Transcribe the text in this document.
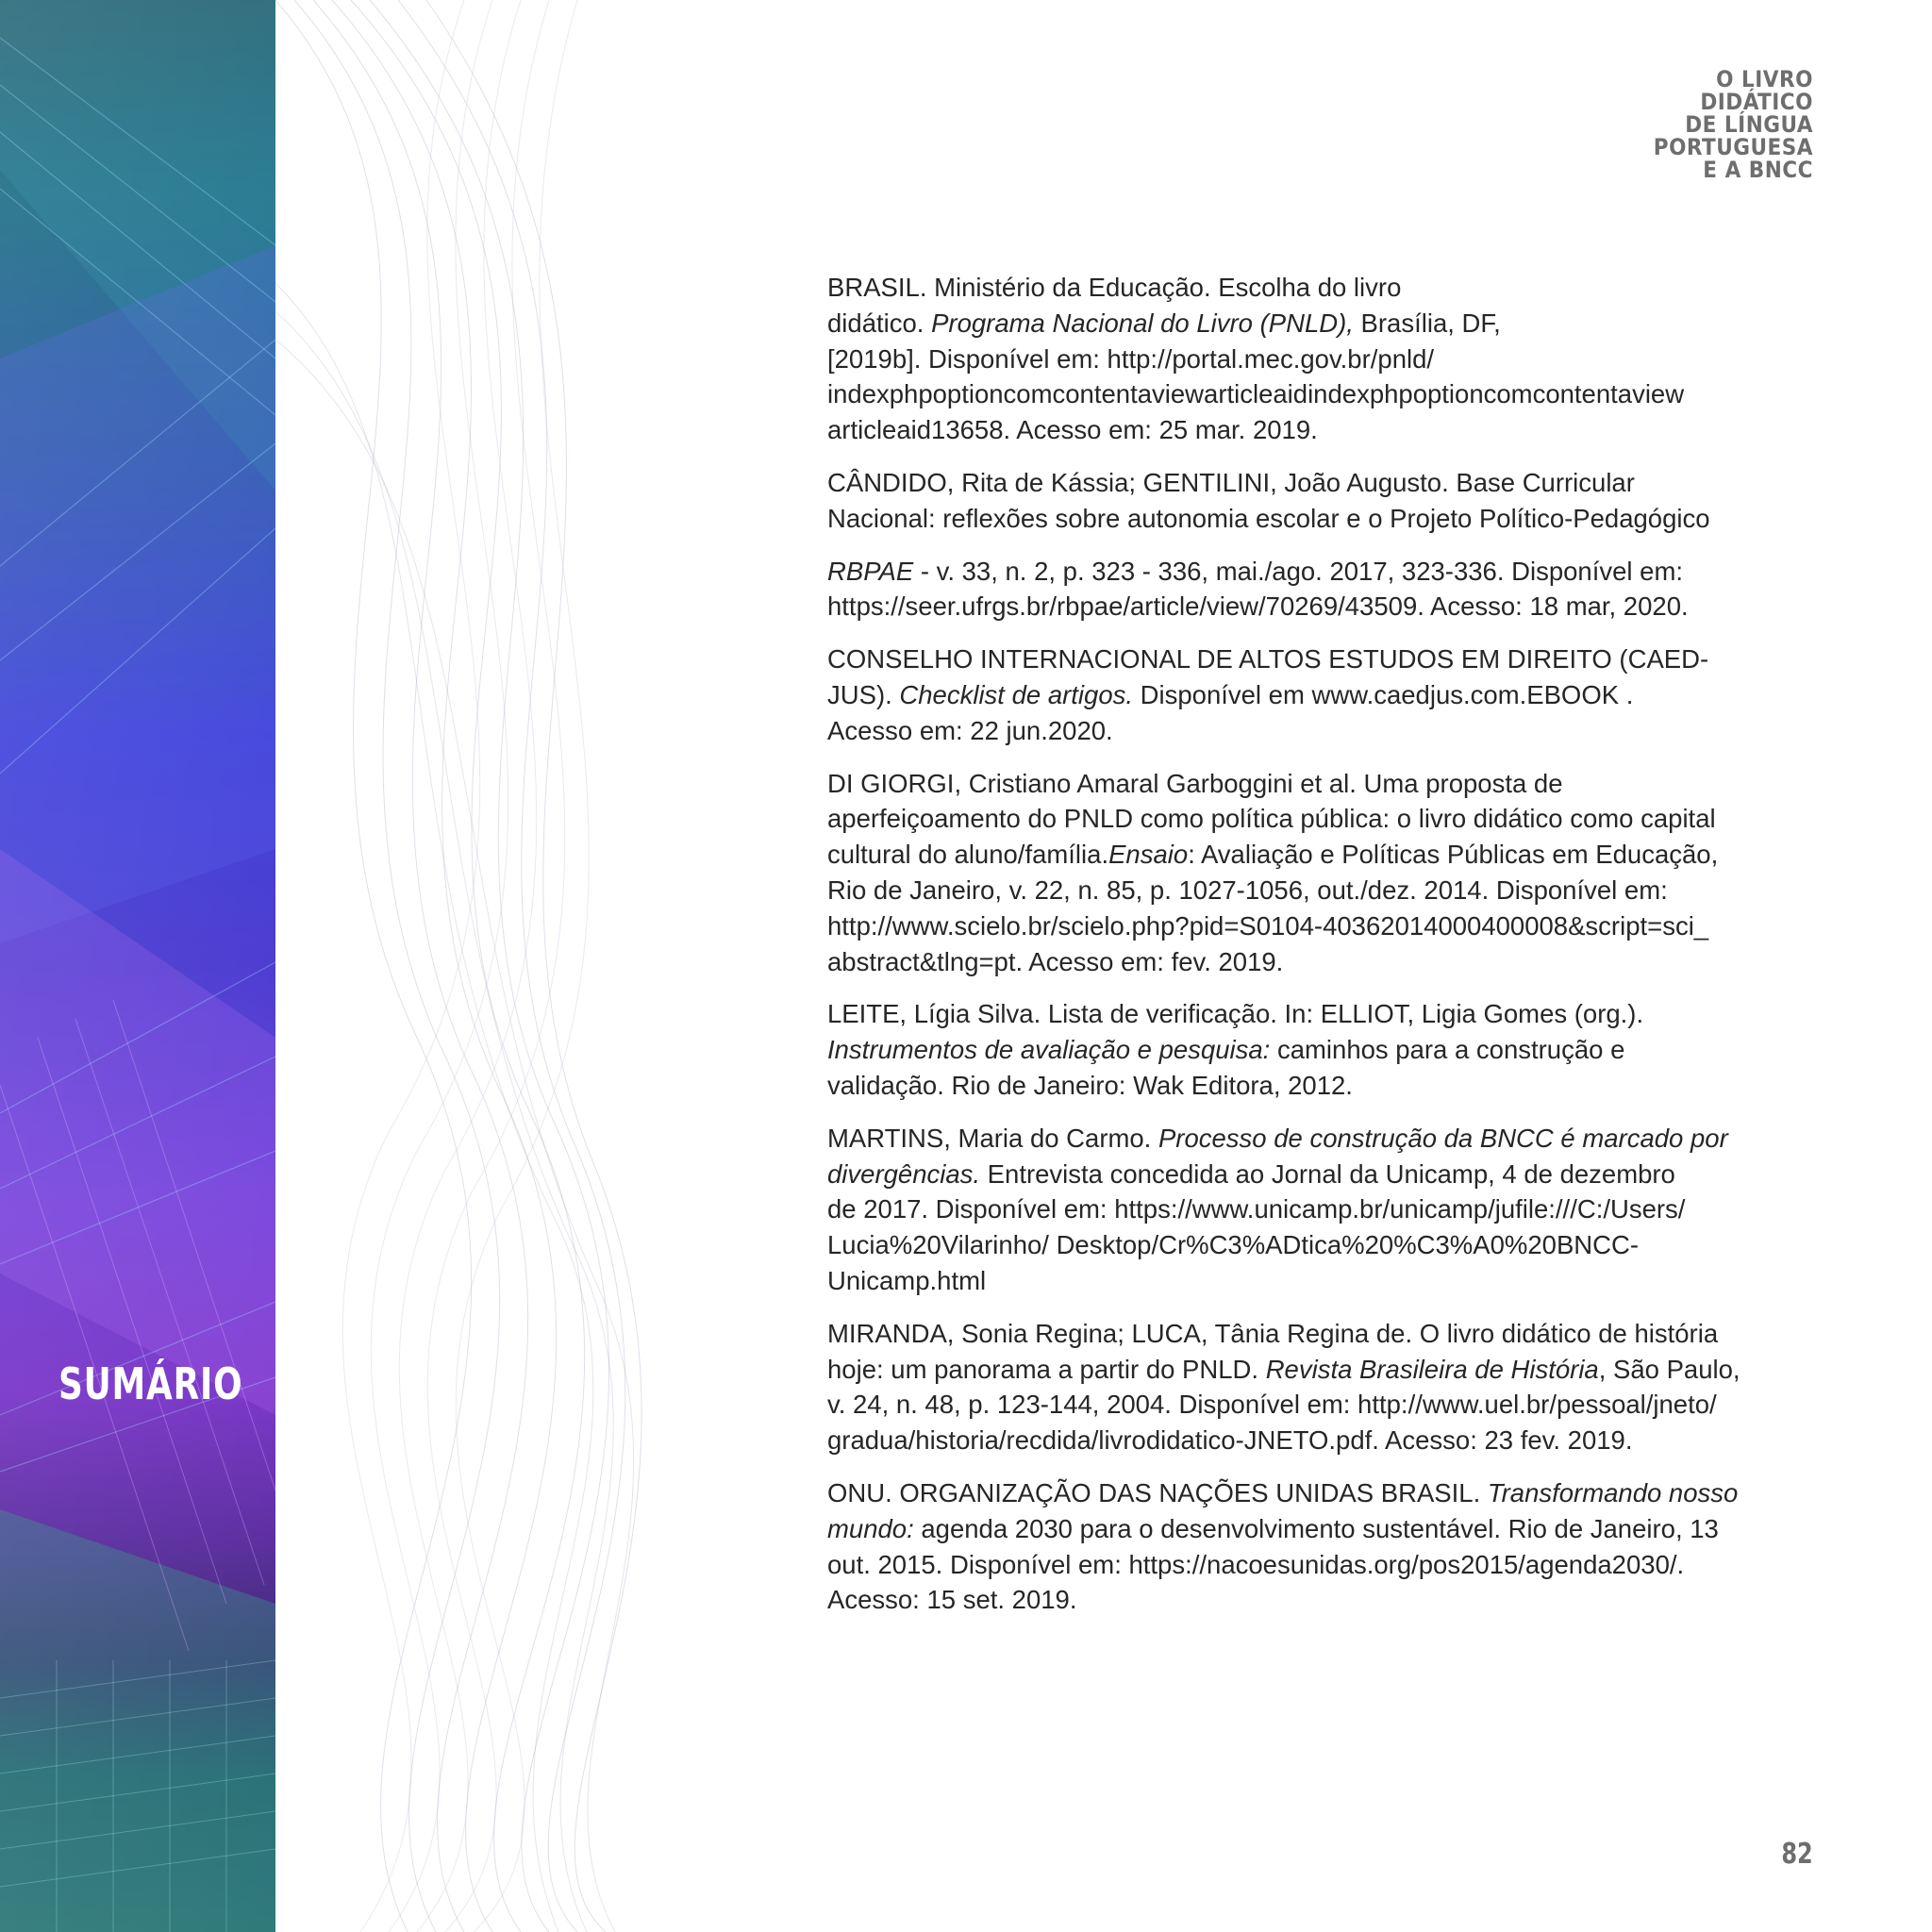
SUMÁRIO
O LIVRO
DIDÁTICO
DE LÍNGUA
PORTUGUESA
E A BNCC
BRASIL. Ministério da Educação. Escolha do livro
didático. Programa Nacional do Livro (PNLD), Brasília, DF,
[2019b]. Disponível em: http://portal.mec.gov.br/pnld/
indexphpoptioncomcontentaviewarticleaidindexphpoptioncomcontentaview
articleaid13658. Acesso em: 25 mar. 2019.
CÂNDIDO, Rita de Kássia; GENTILINI, João Augusto. Base Curricular
Nacional: reflexões sobre autonomia escolar e o Projeto Político-Pedagógico
RBPAE - v. 33, n. 2, p. 323 - 336, mai./ago. 2017, 323-336. Disponível em:
https://seer.ufrgs.br/rbpae/article/view/70269/43509. Acesso: 18 mar, 2020.
CONSELHO INTERNACIONAL DE ALTOS ESTUDOS EM DIREITO (CAED-
JUS). Checklist de artigos. Disponível em www.caedjus.com.EBOOK .
Acesso em: 22 jun.2020.
DI GIORGI, Cristiano Amaral Garboggini et al. Uma proposta de
aperfeiçoamento do PNLD como política pública: o livro didático como capital
cultural do aluno/família.Ensaio: Avaliação e Políticas Públicas em Educação,
Rio de Janeiro, v. 22, n. 85, p. 1027-1056, out./dez. 2014. Disponível em:
http://www.scielo.br/scielo.php?pid=S0104-40362014000400008&script=sci_
abstract&tlng=pt. Acesso em: fev. 2019.
LEITE, Lígia Silva. Lista de verificação. In: ELLIOT, Ligia Gomes (org.).
Instrumentos de avaliação e pesquisa: caminhos para a construção e
validação. Rio de Janeiro: Wak Editora, 2012.
MARTINS, Maria do Carmo. Processo de construção da BNCC é marcado por
divergências. Entrevista concedida ao Jornal da Unicamp, 4 de dezembro
de 2017. Disponível em: https://www.unicamp.br/unicamp/jufile:///C:/Users/
Lucia%20Vilarinho/ Desktop/Cr%C3%ADtica%20%C3%A0%20BNCC-
Unicamp.html
MIRANDA, Sonia Regina; LUCA, Tânia Regina de. O livro didático de história
hoje: um panorama a partir do PNLD. Revista Brasileira de História, São Paulo,
v. 24, n. 48, p. 123-144, 2004. Disponível em: http://www.uel.br/pessoal/jneto/
gradua/historia/recdida/livrodidatico-JNETO.pdf. Acesso: 23 fev. 2019.
ONU. ORGANIZAÇÃO DAS NAÇÕES UNIDAS BRASIL. Transformando nosso
mundo: agenda 2030 para o desenvolvimento sustentável. Rio de Janeiro, 13
out. 2015. Disponível em: https://nacoesunidas.org/pos2015/agenda2030/.
Acesso: 15 set. 2019.
82
